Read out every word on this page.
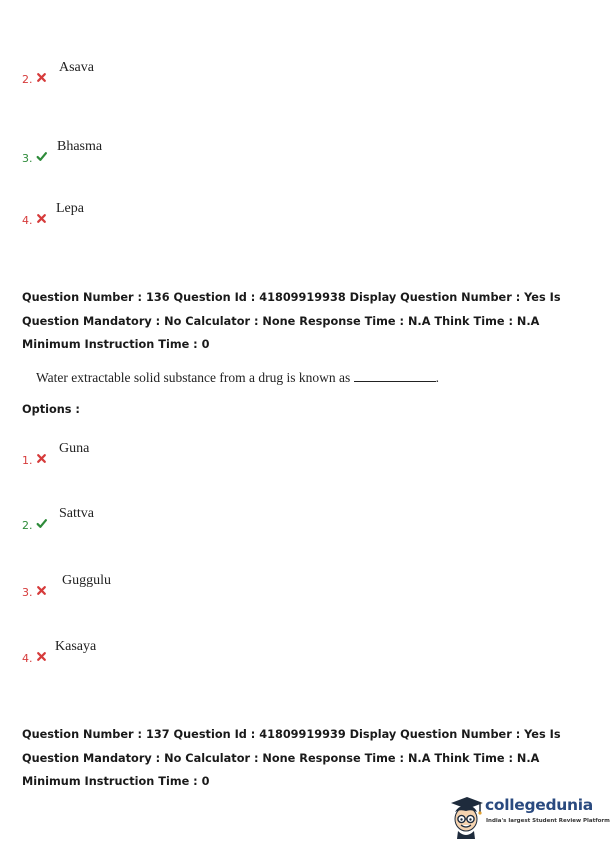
2.
Asava
3.
Bhasma
4.
Lepa
Question Number : 136 Question Id : 41809919938 Display Question Number : Yes Is Question Mandatory : No Calculator : None Response Time : N.A Think Time : N.A Minimum Instruction Time : 0
Water extractable solid substance from a drug is known as	.
Options :
1.
Guna
2.
Sattva
3.
Guggulu
4.
Kasaya
Question Number : 137 Question Id : 41809919939 Display Question Number : Yes Is Question Mandatory : No Calculator : None Response Time : N.A Think Time : N.A Minimum Instruction Time : 0
collegedunia
India's largest Student Review Platform
